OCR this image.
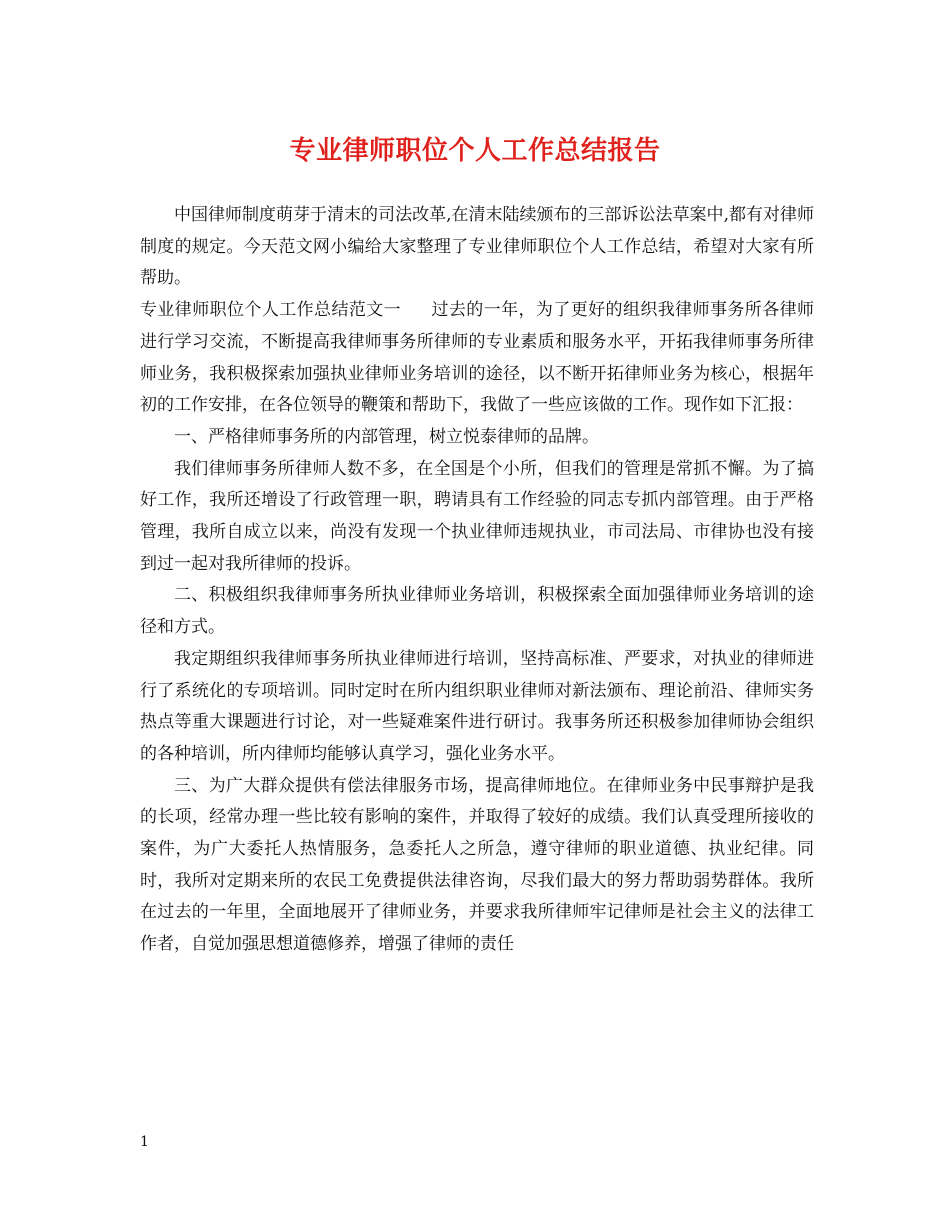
专业律师职位个人工作总结报告

中国律师制度萌芽于清末的司法改革,在清末陆续颁布的三部诉讼法草案中,都有对律师制度的规定。今天范文网小编给大家整理了专业律师职位个人工作总结，希望对大家有所帮助。

专业律师职位个人工作总结范文一 过去的一年，为了更好的组织我律师事务所各律师进行学习交流，不断提高我律师事务所律师的专业素质和服务水平，开拓我律师事务所律师业务，我积极探索加强执业律师业务培训的途径，以不断开拓律师业务为核心，根据年初的工作安排，在各位领导的鞭策和帮助下，我做了一些应该做的工作。现作如下汇报：

一、严格律师事务所的内部管理，树立悦泰律师的品牌。

我们律师事务所律师人数不多，在全国是个小所，但我们的管理是常抓不懈。为了搞好工作，我所还增设了行政管理一职，聘请具有工作经验的同志专抓内部管理。由于严格管理，我所自成立以来，尚没有发现一个执业律师违规执业，市司法局、市律协也没有接到过一起对我所律师的投诉。

二、积极组织我律师事务所执业律师业务培训，积极探索全面加强律师业务培训的途径和方式。

我定期组织我律师事务所执业律师进行培训，坚持高标准、严要求，对执业的律师进行了系统化的专项培训。同时定时在所内组织职业律师对新法颁布、理论前沿、律师实务热点等重大课题进行讨论，对一些疑难案件进行研讨。我事务所还积极参加律师协会组织的各种培训，所内律师均能够认真学习，强化业务水平。

三、为广大群众提供有偿法律服务市场，提高律师地位。在律师业务中民事辩护是我的长项，经常办理一些比较有影响的案件，并取得了较好的成绩。我们认真受理所接收的案件，为广大委托人热情服务，急委托人之所急，遵守律师的职业道德、执业纪律。同时，我所对定期来所的农民工免费提供法律咨询，尽我们最大的努力帮助弱势群体。我所在过去的一年里，全面地展开了律师业务，并要求我所律师牢记律师是社会主义的法律工作者，自觉加强思想道德修养，增强了律师的责任

1
